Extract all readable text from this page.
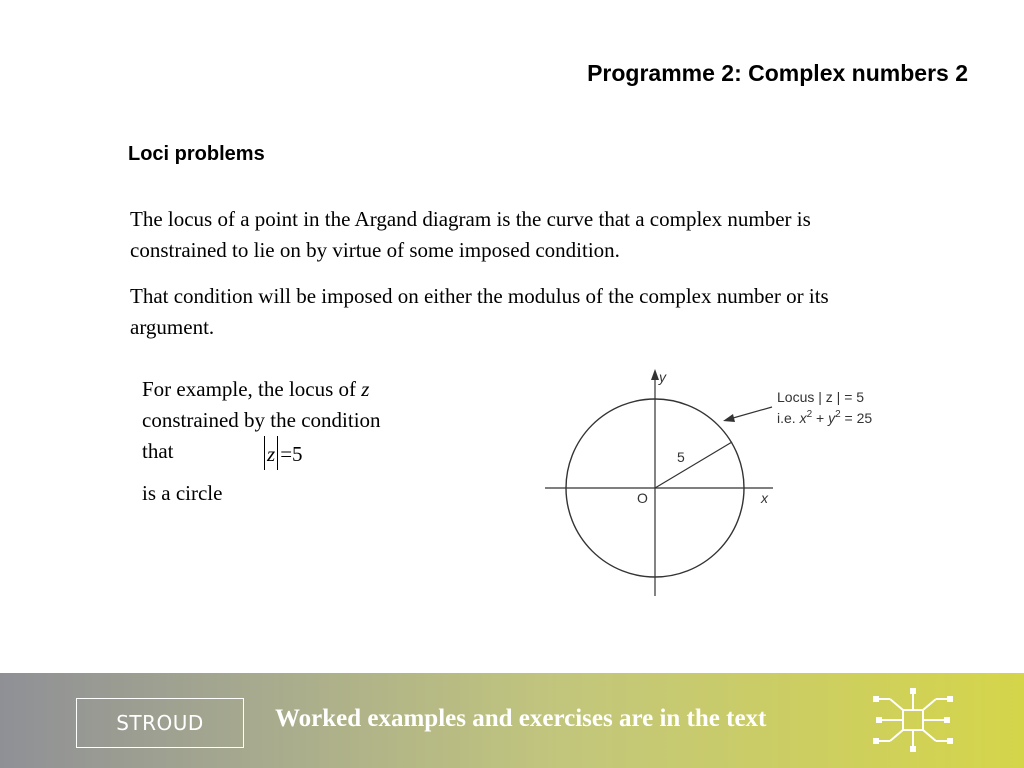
Programme 2: Complex numbers 2
Loci problems

The locus of a point in the Argand diagram is the curve that a complex number is constrained to lie on by virtue of some imposed condition.

That condition will be imposed on either the modulus of the complex number or its argument.

For example, the locus of z
constrained by the condition
that	z =5
is a circle
y
x
O
5
Locus | z | = 5
i.e. $x^2 + y^2 = 25$
STROUD	Worked examples and exercises are in the text
